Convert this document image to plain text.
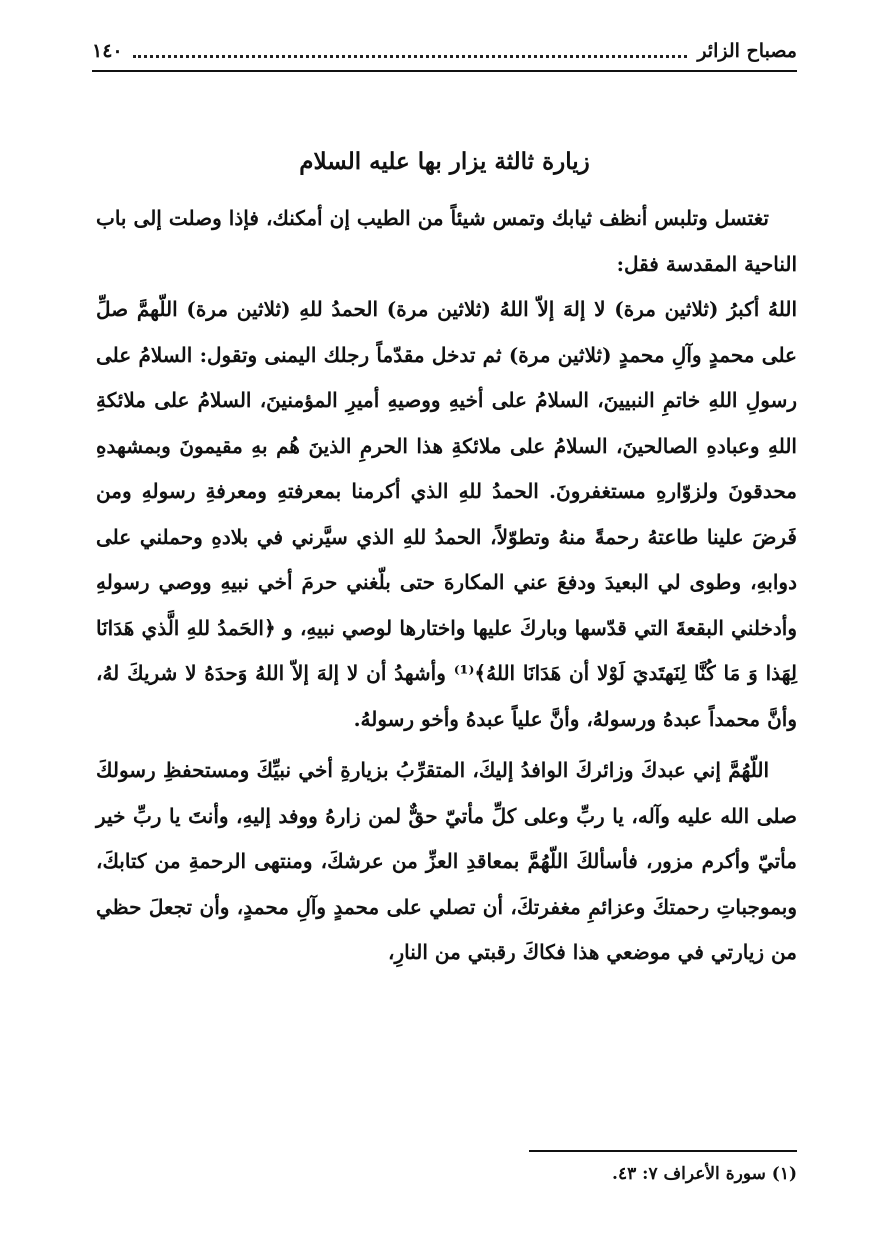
١٤٠	مصباح الزائر
زيارة ثالثة يزار بها عليه السلام

تغتسل وتلبس أنظف ثيابك وتمس شيئاً من الطيب إن أمكنك، فإذا وصلت إلى باب الناحية المقدسة فقل:

اللهُ أكبرُ (ثلاثين مرة) لا إلهَ إلاّ اللهُ (ثلاثين مرة) الحمدُ للهِ (ثلاثين مرة) اللّهمَّ صلِّ على محمدٍ وآلِ محمدٍ (ثلاثين مرة) ثم تدخل مقدّماً رجلك اليمنى وتقول: السلامُ على رسولِ اللهِ خاتمِ النبيينَ، السلامُ على أخيهِ ووصيهِ أميرِ المؤمنينَ، السلامُ على ملائكةِ اللهِ وعبادهِ الصالحينَ، السلامُ على ملائكةِ هذا الحرمِ الذينَ هُم بهِ مقيمونَ وبمشهدهِ محدقونَ ولزوّارهِ مستغفرونَ. الحمدُ للهِ الذي أكرمنا بمعرفتهِ ومعرفةِ رسولهِ ومن فَرضَ علينا طاعتهُ رحمةً منهُ وتطوّلاً، الحمدُ للهِ الذي سيَّرني في بلادهِ وحملني على دوابهِ، وطوى لي البعيدَ ودفعَ عني المكارهَ حتى بلّغني حرمَ أخي نبيهِ ووصي رسولهِ وأدخلني البقعةَ التي قدّسها وباركَ عليها واختارها لوصي نبيهِ، و ﴿الحَمدُ للهِ الَّذي هَدَانَا لِهَذا وَ مَا كُنَّا لِنَهتَديَ لَوْلا أن هَدَانَا اللهُ﴾⁽¹⁾ وأشهدُ أن لا إلهَ إلاّ اللهُ وَحدَهُ لا شريكَ لهُ، وأنَّ محمداً عبدهُ ورسولهُ، وأنَّ علياً عبدهُ وأخو رسولهُ.

اللّهُمَّ إني عبدكَ وزائركَ الوافدُ إليكَ، المتقرِّبُ بزيارةِ أخي نبيِّكَ ومستحفظِ رسولكَ صلى الله عليه وآله، يا ربِّ وعلى كلِّ مأتيّ حقٌّ لمن زارهُ ووفد إليهِ، وأنتَ يا ربِّ خير مأتيّ وأكرم مزور، فأسألكَ اللّهُمَّ بمعاقدِ العزِّ من عرشكَ، ومنتهى الرحمةِ من كتابكَ، وبموجباتِ رحمتكَ وعزائمِ مغفرتكَ، أن تصلي على محمدٍ وآلِ محمدٍ، وأن تجعلَ حظي من زيارتي في موضعي هذا فكاكَ رقبتي من النارِ،

(١) سورة الأعراف ٧: ٤٣.
